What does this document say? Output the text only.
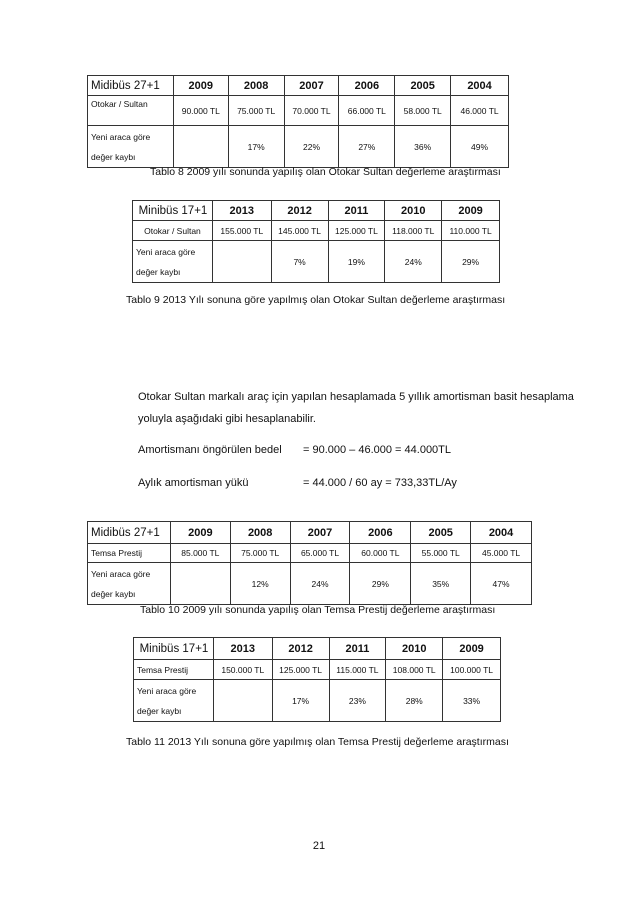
Midibüs 27+1	2009	2008	2007	2006	2005	2004
Otokar / Sultan	90.000 TL	75.000 TL	70.000 TL	66.000 TL	58.000 TL	46.000 TL
Yeni araca göre
değer kaybı		17%	22%	27%	36%	49%
Tablo 8 2009 yılı sonunda yapılış olan Otokar Sultan değerleme araştırması
Minibüs 17+1	2013	2012	2011	2010	2009
Otokar / Sultan	155.000 TL	145.000 TL	125.000 TL	118.000 TL	110.000 TL
Yeni araca göre
değer kaybı		7%	19%	24%	29%
Tablo 9 2013 Yılı sonuna göre yapılmış olan Otokar Sultan değerleme araştırması
Otokar Sultan markalı araç için yapılan hesaplamada 5 yıllık amortisman basit hesaplama
yoluyla aşağıdaki gibi hesaplanabilir.
Amortismanı öngörülen bedel = 90.000 – 46.000 = 44.000TL
Aylık amortisman yükü	= 44.000 / 60 ay = 733,33TL/Ay
Midibüs 27+1	2009	2008	2007	2006	2005	2004
Temsa Prestij	85.000 TL	75.000 TL	65.000 TL	60.000 TL	55.000 TL	45.000 TL
Yeni araca göre
değer kaybı		12%	24%	29%	35%	47%
Tablo 10 2009 yılı sonunda yapılış olan Temsa Prestij değerleme araştırması
Minibüs 17+1	2013	2012	2011	2010	2009
Temsa Prestij	150.000 TL	125.000 TL	115.000 TL	108.000 TL	100.000 TL
Yeni araca göre
değer kaybı		17%	23%	28%	33%
Tablo 11 2013 Yılı sonuna göre yapılmış olan Temsa Prestij değerleme araştırması
21
